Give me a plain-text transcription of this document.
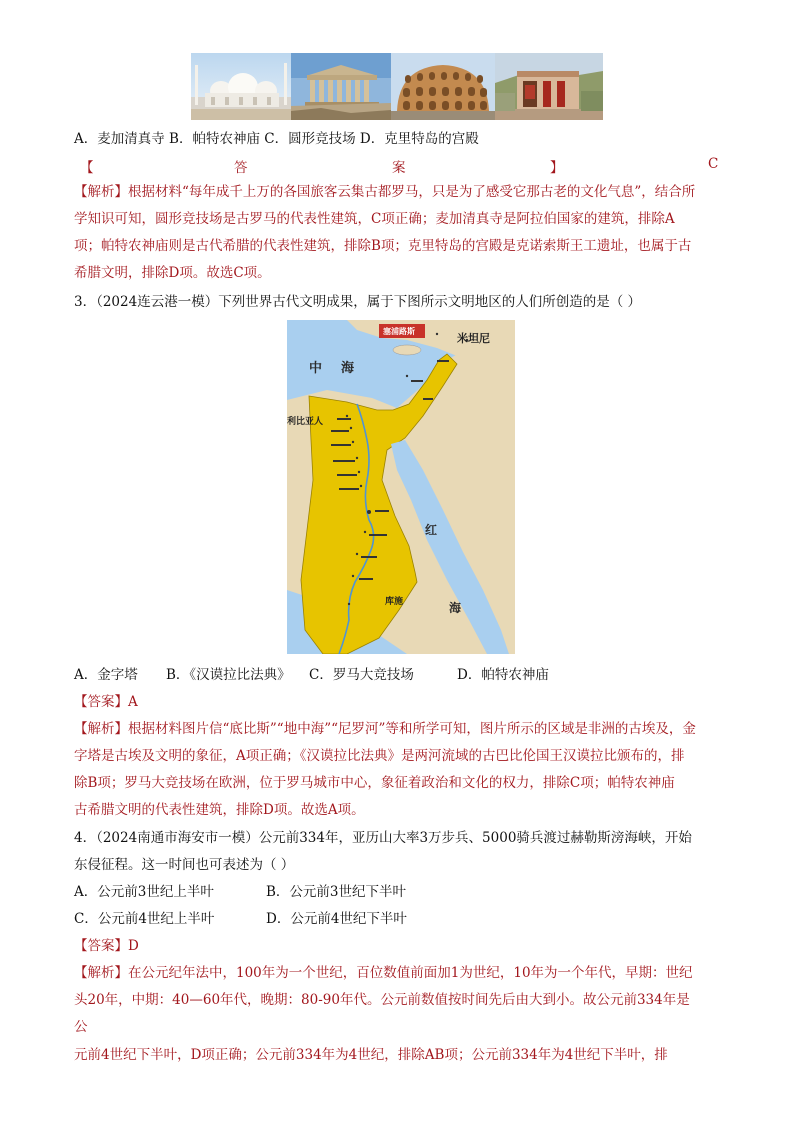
A．麦加清真寺 B．帕特农神庙 C．圆形竞技场 D．克里特岛的宫殿
【	答	案	】	C
【解析】根据材料“每年成千上万的各国旅客云集古都罗马，只是为了感受它那古老的文化气息”，结合所
学知识可知，圆形竞技场是古罗马的代表性建筑，C项正确；麦加清真寺是阿拉伯国家的建筑，排除A
项；帕特农神庙则是古代希腊的代表性建筑，排除B项；克里特岛的宫殿是克诺索斯王工遗址，也属于古
希腊文明，排除D项。故选C项。
3．（2024连云港一模）下列世界古代文明成果，属于下图所示文明地区的人们所创造的是（ ）
中 海
利比亚人
塞浦路斯
米坦尼
红
海
库施
A．金字塔 B．《汉谟拉比法典》 C．罗马大竞技场	D．帕特农神庙
【答案】A
【解析】根据材料图片信“底比斯”“地中海”“尼罗河”等和所学可知，图片所示的区域是非洲的古埃及，金
字塔是古埃及文明的象征，A项正确；《汉谟拉比法典》是两河流域的古巴比伦国王汉谟拉比颁布的，排
除B项；罗马大竞技场在欧洲，位于罗马城市中心，象征着政治和文化的权力，排除C项；帕特农神庙
古希腊文明的代表性建筑，排除D项。故选A项。
4．（2024南通市海安市一模）公元前334年，亚历山大率3万步兵、5000骑兵渡过赫勒斯滂海峡，开始
东侵征程。这一时间也可表述为（ ）
A．公元前3世纪上半叶	B．公元前3世纪下半叶
C．公元前4世纪上半叶	D．公元前4世纪下半叶
【答案】D
【解析】在公元纪年法中，100年为一个世纪，百位数值前面加1为世纪，10年为一个年代，早期：世纪
头20年，中期：40—60年代，晚期：80-90年代。公元前数值按时间先后由大到小。故公元前334年是
公
元前4世纪下半叶，D项正确；公元前334年为4世纪，排除AB项；公元前334年为4世纪下半叶，排
